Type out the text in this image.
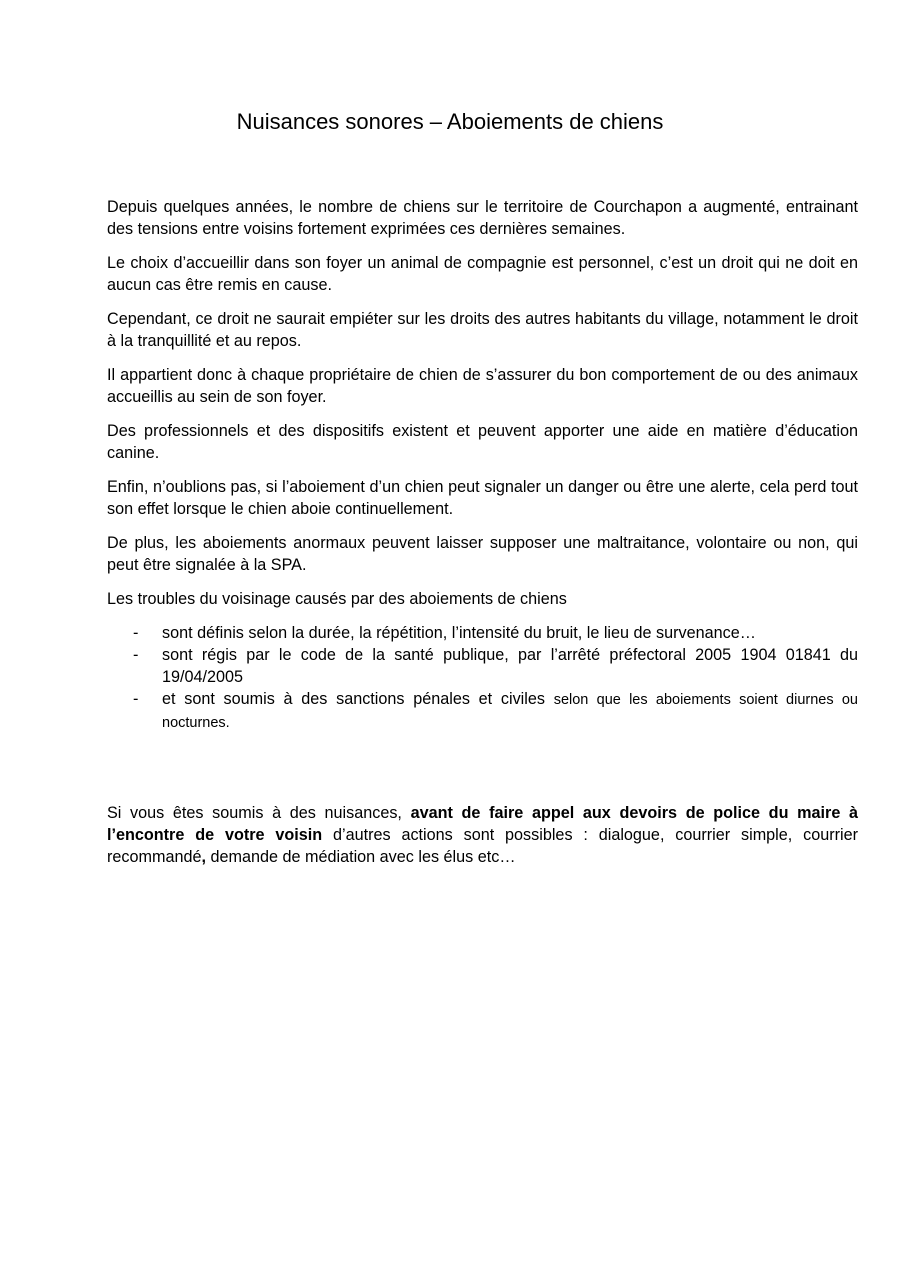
Nuisances sonores – Aboiements de chiens

Depuis quelques années, le nombre de chiens sur le territoire de Courchapon a augmenté, entrainant des tensions entre voisins fortement exprimées ces dernières semaines.

Le choix d’accueillir dans son foyer un animal de compagnie est personnel, c’est un droit qui ne doit en aucun cas être remis en cause.

Cependant, ce droit ne saurait empiéter sur les droits des autres habitants du village, notamment le droit à la tranquillité et au repos.

Il appartient donc à chaque propriétaire de chien de s’assurer du bon comportement de ou des animaux accueillis au sein de son foyer.

Des professionnels et des dispositifs existent et peuvent apporter une aide en matière d’éducation canine.

Enfin, n’oublions pas, si l’aboiement d’un chien peut signaler un danger ou être une alerte, cela perd tout son effet lorsque le chien aboie continuellement.

De plus, les aboiements anormaux peuvent laisser supposer une maltraitance, volontaire ou non, qui peut être signalée à la SPA.

Les troubles du voisinage causés par des aboiements de chiens

- sont définis selon la durée, la répétition, l’intensité du bruit, le lieu de survenance…
- sont régis par le code de la santé publique, par l’arrêté préfectoral 2005 1904 01841 du 19/04/2005
- et sont soumis à des sanctions pénales et civiles selon que les aboiements soient diurnes ou nocturnes.

Si vous êtes soumis à des nuisances, avant de faire appel aux devoirs de police du maire à l’encontre de votre voisin d’autres actions sont possibles : dialogue, courrier simple, courrier recommandé, demande de médiation avec les élus etc…
